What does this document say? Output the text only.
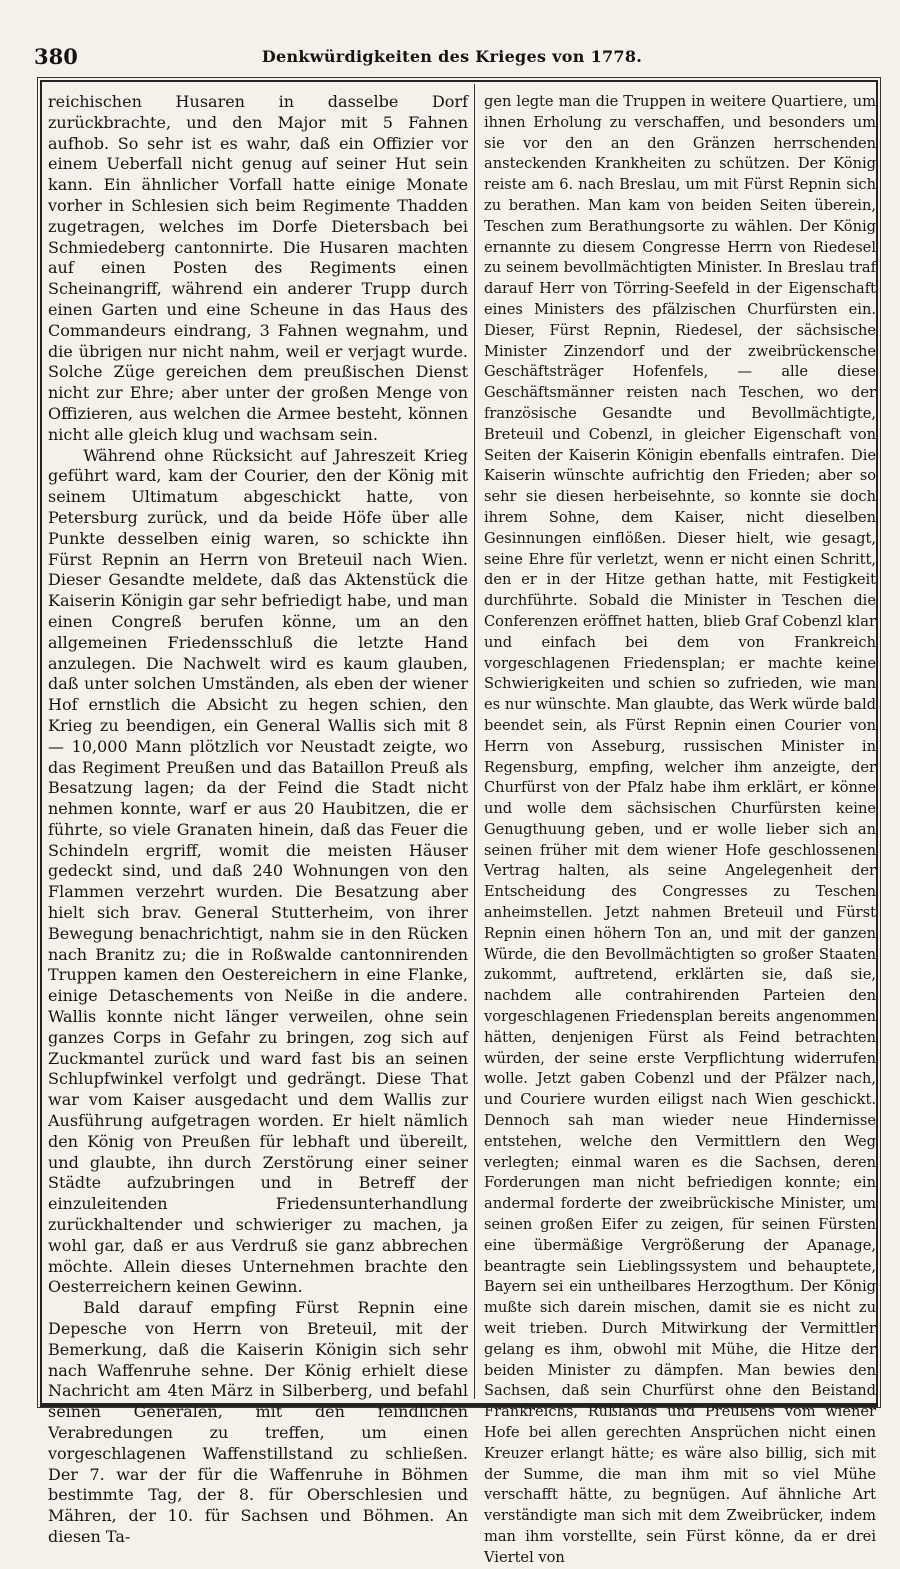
380	Denkwürdigkeiten des Krieges von 1778.

reichischen Husaren in dasselbe Dorf zurückbrachte, und den Major mit 5 Fahnen aufhob. So sehr ist es wahr, daß ein Offizier vor einem Ueberfall nicht genug auf seiner Hut sein kann. Ein ähnlicher Vorfall hatte einige Monate vorher in Schlesien sich beim Regimente Thadden zugetragen, welches im Dorfe Dietersbach bei Schmiedeberg cantonnirte. Die Husaren machten auf einen Posten des Regiments einen Scheinangriff, während ein anderer Trupp durch einen Garten und eine Scheune in das Haus des Commandeurs eindrang, 3 Fahnen wegnahm, und die übrigen nur nicht nahm, weil er verjagt wurde. Solche Züge gereichen dem preußischen Dienst nicht zur Ehre; aber unter der großen Menge von Offizieren, aus welchen die Armee besteht, können nicht alle gleich klug und wachsam sein.

Während ohne Rücksicht auf Jahreszeit Krieg geführt ward, kam der Courier, den der König mit seinem Ultimatum abgeschickt hatte, von Petersburg zurück, und da beide Höfe über alle Punkte desselben einig waren, so schickte ihn Fürst Repnin an Herrn von Breteuil nach Wien. Dieser Gesandte meldete, daß das Aktenstück die Kaiserin Königin gar sehr befriedigt habe, und man einen Congreß berufen könne, um an den allgemeinen Friedensschluß die letzte Hand anzulegen. Die Nachwelt wird es kaum glauben, daß unter solchen Umständen, als eben der wiener Hof ernstlich die Absicht zu hegen schien, den Krieg zu beendigen, ein General Wallis sich mit 8 — 10,000 Mann plötzlich vor Neustadt zeigte, wo das Regiment Preußen und das Bataillon Preuß als Besatzung lagen; da der Feind die Stadt nicht nehmen konnte, warf er aus 20 Haubitzen, die er führte, so viele Granaten hinein, daß das Feuer die Schindeln ergriff, womit die meisten Häuser gedeckt sind, und daß 240 Wohnungen von den Flammen verzehrt wurden. Die Besatzung aber hielt sich brav. General Stutterheim, von ihrer Bewegung benachrichtigt, nahm sie in den Rücken nach Branitz zu; die in Roßwalde cantonnirenden Truppen kamen den Oestereichern in eine Flanke, einige Detaschements von Neiße in die andere. Wallis konnte nicht länger verweilen, ohne sein ganzes Corps in Gefahr zu bringen, zog sich auf Zuckmantel zurück und ward fast bis an seinen Schlupfwinkel verfolgt und gedrängt. Diese That war vom Kaiser ausgedacht und dem Wallis zur Ausführung aufgetragen worden. Er hielt nämlich den König von Preußen für lebhaft und übereilt, und glaubte, ihn durch Zerstörung einer seiner Städte aufzubringen und in Betreff der einzuleitenden Friedensunterhandlung zurückhaltender und schwieriger zu machen, ja wohl gar, daß er aus Verdruß sie ganz abbrechen möchte. Allein dieses Unternehmen brachte den Oesterreichern keinen Gewinn.

Bald darauf empfing Fürst Repnin eine Depesche von Herrn von Breteuil, mit der Bemerkung, daß die Kaiserin Königin sich sehr nach Waffenruhe sehne. Der König erhielt diese Nachricht am 4ten März in Silberberg, und befahl seinen Generalen, mit den feindlichen Verabredungen zu treffen, um einen vorgeschlagenen Waffenstillstand zu schließen. Der 7. war der für die Waffenruhe in Böhmen bestimmte Tag, der 8. für Oberschlesien und Mähren, der 10. für Sachsen und Böhmen. An diesen Ta-

gen legte man die Truppen in weitere Quartiere, um ihnen Erholung zu verschaffen, und besonders um sie vor den an den Gränzen herrschenden ansteckenden Krankheiten zu schützen. Der König reiste am 6. nach Breslau, um mit Fürst Repnin sich zu berathen. Man kam von beiden Seiten überein, Teschen zum Berathungsorte zu wählen. Der König ernannte zu diesem Congresse Herrn von Riedesel zu seinem bevollmächtigten Minister. In Breslau traf darauf Herr von Törring-Seefeld in der Eigenschaft eines Ministers des pfälzischen Churfürsten ein. Dieser, Fürst Repnin, Riedesel, der sächsische Minister Zinzendorf und der zweibrückensche Geschäftsträger Hofenfels, — alle diese Geschäftsmänner reisten nach Teschen, wo der französische Gesandte und Bevollmächtigte, Breteuil und Cobenzl, in gleicher Eigenschaft von Seiten der Kaiserin Königin ebenfalls eintrafen. Die Kaiserin wünschte aufrichtig den Frieden; aber so sehr sie diesen herbeisehnte, so konnte sie doch ihrem Sohne, dem Kaiser, nicht dieselben Gesinnungen einflößen. Dieser hielt, wie gesagt, seine Ehre für verletzt, wenn er nicht einen Schritt, den er in der Hitze gethan hatte, mit Festigkeit durchführte. Sobald die Minister in Teschen die Conferenzen eröffnet hatten, blieb Graf Cobenzl klar und einfach bei dem von Frankreich vorgeschlagenen Friedensplan; er machte keine Schwierigkeiten und schien so zufrieden, wie man es nur wünschte. Man glaubte, das Werk würde bald beendet sein, als Fürst Repnin einen Courier von Herrn von Asseburg, russischen Minister in Regensburg, empfing, welcher ihm anzeigte, der Churfürst von der Pfalz habe ihm erklärt, er könne und wolle dem sächsischen Churfürsten keine Genugthuung geben, und er wolle lieber sich an seinen früher mit dem wiener Hofe geschlossenen Vertrag halten, als seine Angelegenheit der Entscheidung des Congresses zu Teschen anheimstellen. Jetzt nahmen Breteuil und Fürst Repnin einen höhern Ton an, und mit der ganzen Würde, die den Bevollmächtigten so großer Staaten zukommt, auftretend, erklärten sie, daß sie, nachdem alle contrahirenden Parteien den vorgeschlagenen Friedensplan bereits angenommen hätten, denjenigen Fürst als Feind betrachten würden, der seine erste Verpflichtung widerrufen wolle. Jetzt gaben Cobenzl und der Pfälzer nach, und Couriere wurden eiligst nach Wien geschickt. Dennoch sah man wieder neue Hindernisse entstehen, welche den Vermittlern den Weg verlegten; einmal waren es die Sachsen, deren Forderungen man nicht befriedigen konnte; ein andermal forderte der zweibrückische Minister, um seinen großen Eifer zu zeigen, für seinen Fürsten eine übermäßige Vergrößerung der Apanage, beantragte sein Lieblingssystem und behauptete, Bayern sei ein untheilbares Herzogthum. Der König mußte sich darein mischen, damit sie es nicht zu weit trieben. Durch Mitwirkung der Vermittler gelang es ihm, obwohl mit Mühe, die Hitze der beiden Minister zu dämpfen. Man bewies den Sachsen, daß sein Churfürst ohne den Beistand Frankreichs, Rußlands und Preußens vom wiener Hofe bei allen gerechten Ansprüchen nicht einen Kreuzer erlangt hätte; es wäre also billig, sich mit der Summe, die man ihm mit so viel Mühe verschafft hätte, zu begnügen. Auf ähnliche Art verständigte man sich mit dem Zweibrücker, indem man ihm vorstellte, sein Fürst könne, da er drei Viertel von
